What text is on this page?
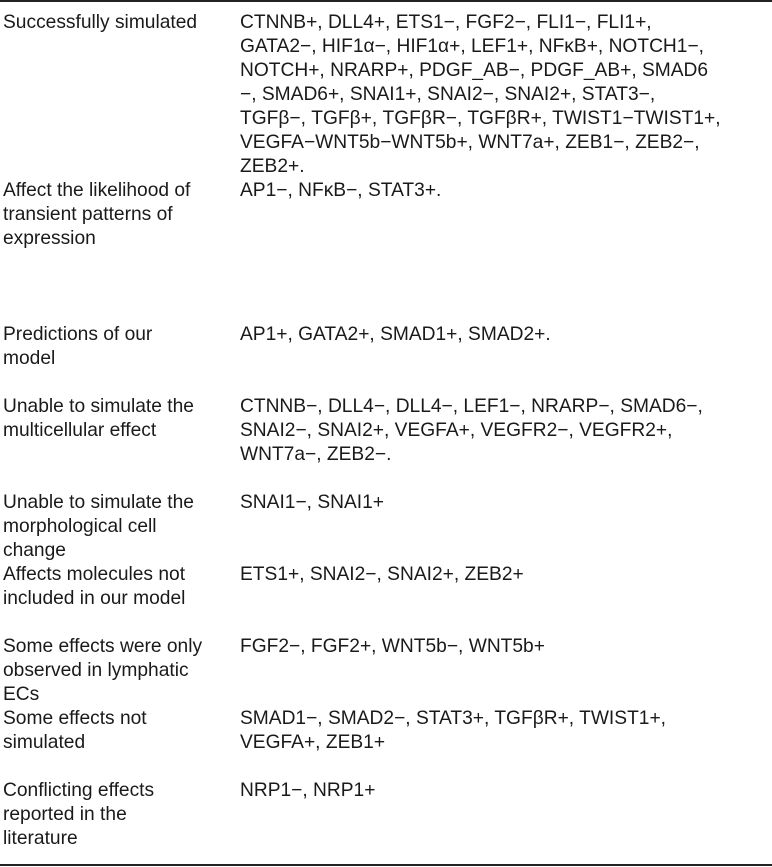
Successfully simulated	CTNNB+, DLL4+, ETS1−, FGF2−, FLI1−, FLI1+,
GATA2−, HIF1α−, HIF1α+, LEF1+, NFκB+, NOTCH1−,
NOTCH+, NRARP+, PDGF_AB−, PDGF_AB+, SMAD6
−, SMAD6+, SNAI1+, SNAI2−, SNAI2+, STAT3−,
TGFβ−, TGFβ+, TGFβR−, TGFβR+, TWIST1−TWIST1+,
VEGFA−WNT5b−WNT5b+, WNT7a+, ZEB1−, ZEB2−,
ZEB2+.
Affect the likelihood of
transient patterns of
expression
AP1−, NFκB−, STAT3+.
Predictions of our
model
AP1+, GATA2+, SMAD1+, SMAD2+.
Unable to simulate the
multicellular effect
CTNNB−, DLL4−, DLL4−, LEF1−, NRARP−, SMAD6−,
SNAI2−, SNAI2+, VEGFA+, VEGFR2−, VEGFR2+,
WNT7a−, ZEB2−.
Unable to simulate the
morphological cell
change
SNAI1−, SNAI1+
Affects molecules not
included in our model
ETS1+, SNAI2−, SNAI2+, ZEB2+
Some effects were only
observed in lymphatic
ECs
FGF2−, FGF2+, WNT5b−, WNT5b+
Some effects not
simulated
SMAD1−, SMAD2−, STAT3+, TGFβR+, TWIST1+,
VEGFA+, ZEB1+
Conflicting effects
reported in the
literature
NRP1−, NRP1+
